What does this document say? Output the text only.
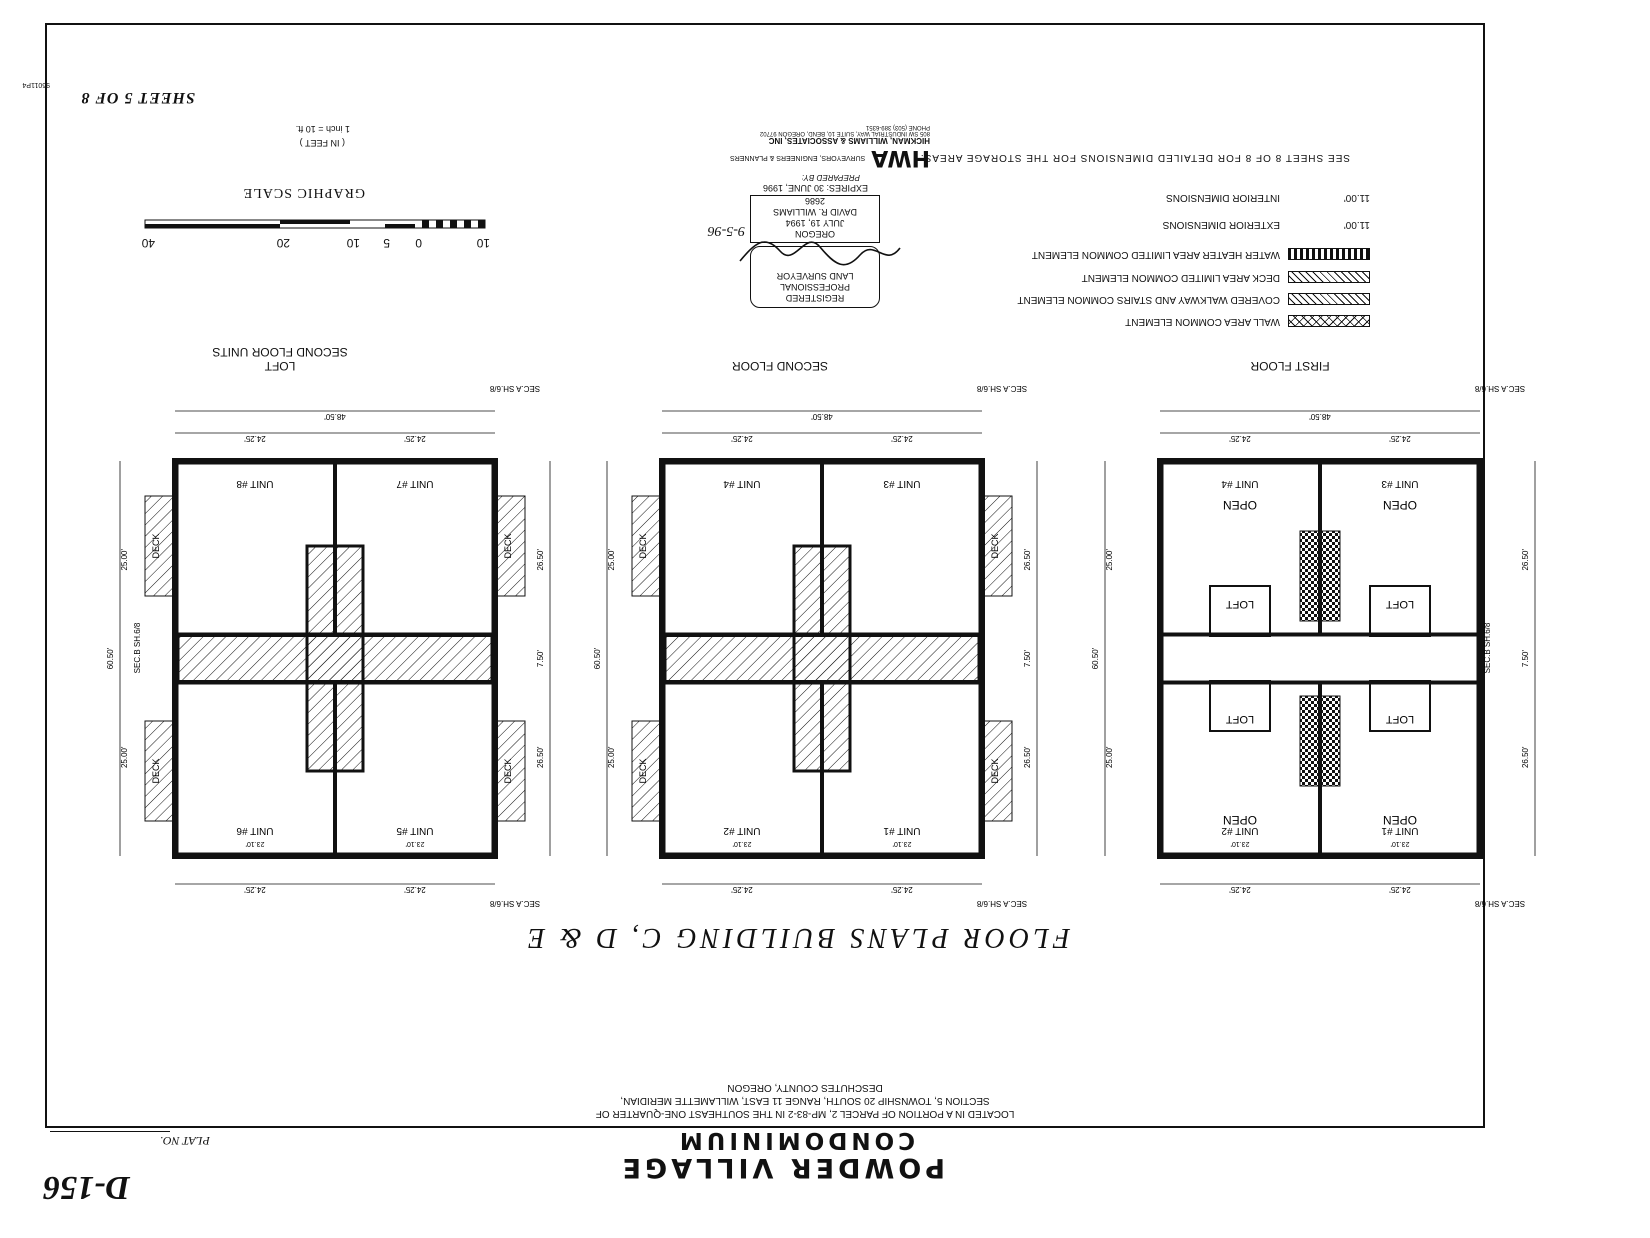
SHEET 5 OF 8
96011P4
POWDER VILLAGE
CONDOMINIUM
LOCATED IN A PORTION OF PARCEL 2, MP-83-2 IN THE SOUTHEAST ONE-QUARTER OF
SECTION 5, TOWNSHIP 20 SOUTH, RANGE 11 EAST, WILLAMETTE MERIDIAN,
DESCHUTES COUNTY, OREGON
PLAT NO.
D-156
FLOOR PLANS BUILDING C, D & E
DECK
DECK
DECK
DECK
UNIT #5
UNIT #6
UNIT #7
UNIT #8
48.50'
24.25'
24.25'
24.25'
24.25'
23.10'
23.10'
60.50'
26.50'
26.50'
7.50'
25.00'
25.00'
SEC.A SH.6/8
SEC.A SH.6/8
DECK
DECK
DECK
DECK
UNIT #1
UNIT #2
UNIT #3
UNIT #4
48.50'
24.25'
24.25'
24.25'
24.25'
23.10'
23.10'
60.50'
26.50'
26.50'
7.50'
25.00'
25.00'
SEC.A SH.6/8
SEC.A SH.6/8
LOFT
LOFT
LOFT
LOFT
OPEN
OPEN
OPEN
OPEN
UNIT #1
UNIT #2
UNIT #3
UNIT #4
48.50'
24.25'
24.25'
24.25'
24.25'
23.10'
23.10'
60.50'
26.50'
26.50'
7.50'
25.00'
25.00'
SEC.A SH.6/8
SEC.A SH.6/8
SEC.B SH.6/8
SEC.B SH.6/8
FIRST FLOOR
SECOND FLOOR
LOFT
SECOND FLOOR UNITS
SEE SHEET 8 OF 8 FOR DETAILED DIMENSIONS FOR THE STORAGE AREAS.
11.00'
INTERIOR DIMENSIONS
11.00'
EXTERIOR DIMENSIONS
WATER HEATER AREA LIMITED COMMON ELEMENT
DECK AREA LIMITED COMMON ELEMENT
COVERED WALKWAY AND STAIRS COMMON ELEMENT
WALL AREA COMMON ELEMENT
REGISTERED
PROFESSIONAL
LAND SURVEYOR
OREGON
JULY 19, 1994
DAVID R. WILLIAMS
2686
EXPIRES: 30 JUNE, 1996
9-5-96
PREPARED BY:
HWA
SURVEYORS, ENGINEERS & PLANNERS
HICKMAN, WILLIAMS & ASSOCIATES, INC
805 SW INDUSTRIAL WAY, SUITE 10, BEND, OREGON 97702
PHONE (503) 389-6351
10
0
5
10
20
40
GRAPHIC SCALE
( IN FEET )
1 inch = 10 ft.
